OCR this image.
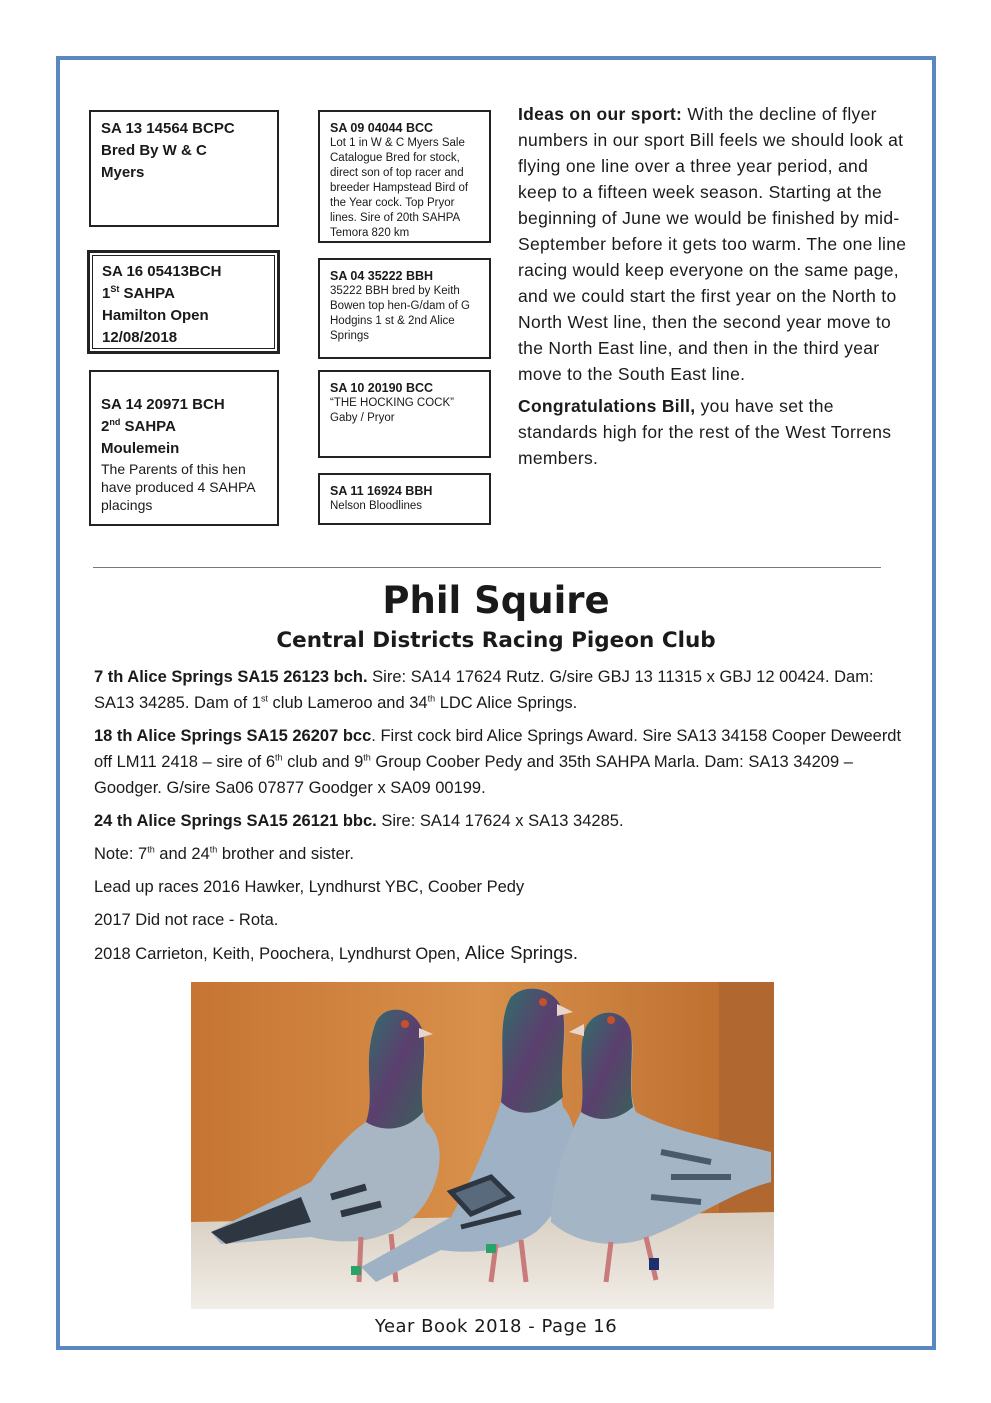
SA 13 14564 BCPC
Bred By W & C
Myers
SA 09 04044 BCC
Lot 1 in W & C Myers Sale Catalogue Bred for stock, direct son of top racer and breeder Hampstead Bird of the Year cock. Top Pryor lines. Sire of 20th SAHPA Temora 820 km
SA 16 05413BCH
1St SAHPA
Hamilton Open
12/08/2018
SA 04 35222 BBH
35222 BBH bred by Keith Bowen top hen-G/dam of G Hodgins 1 st & 2nd Alice Springs
SA 14 20971 BCH
2nd SAHPA
Moulemein
The Parents of this hen have produced 4 SAHPA placings
SA 10 20190 BCC
“THE HOCKING COCK”
Gaby / Pryor
SA 11 16924 BBH
Nelson Bloodlines

Ideas on our sport: With the decline of flyer numbers in our sport Bill feels we should look at flying one line over a three year period, and keep to a fifteen week season. Starting at the beginning of June we would be finished by mid-September before it gets too warm. The one line racing would keep everyone on the same page, and we could start the first year on the North to North West line, then the second year move to the North East line, and then in the third year move to the South East line.

Congratulations Bill, you have set the standards high for the rest of the West Torrens members.

Phil Squire
Central Districts Racing Pigeon Club

7 th Alice Springs SA15 26123 bch. Sire: SA14 17624 Rutz. G/sire GBJ 13 11315 x GBJ 12 00424. Dam: SA13 34285. Dam of 1st club Lameroo and 34th LDC Alice Springs.

18 th Alice Springs SA15 26207 bcc. First cock bird Alice Springs Award. Sire SA13 34158 Cooper Deweerdt off LM11 2418 – sire of 6th club and 9th Group Coober Pedy and 35th SAHPA Marla. Dam: SA13 34209 – Goodger. G/sire Sa06 07877 Goodger x SA09 00199.

24 th Alice Springs SA15 26121 bbc. Sire: SA14 17624 x SA13 34285.

Note: 7th and 24th brother and sister.

Lead up races 2016 Hawker, Lyndhurst YBC, Coober Pedy

2017 Did not race - Rota.

2018 Carrieton, Keith, Poochera, Lyndhurst Open, Alice Springs.

Year Book 2018 - Page 16
